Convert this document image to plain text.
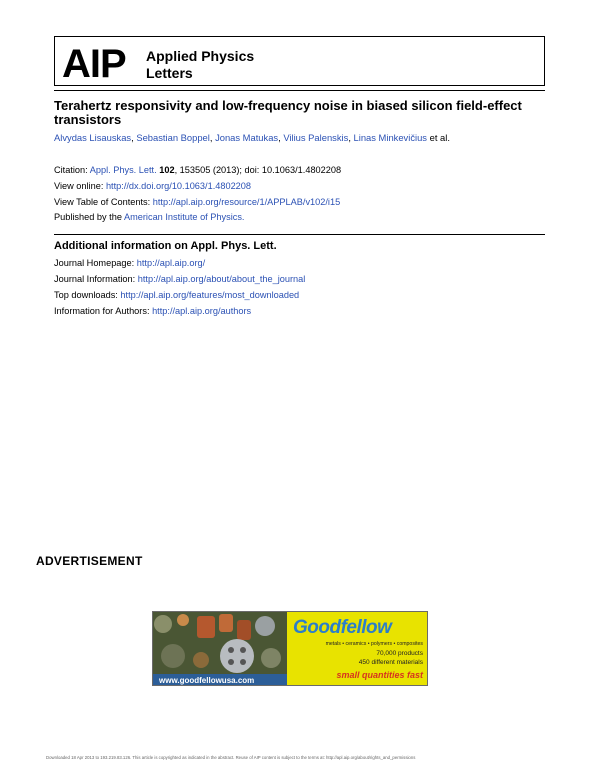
AIP Applied Physics
Letters
Terahertz responsivity and low-frequency noise in biased silicon field-effect transistors
Alvydas Lisauskas, Sebastian Boppel, Jonas Matukas, Vilius Palenskis, Linas Minkevičius et al.
Citation: Appl. Phys. Lett. 102, 153505 (2013); doi: 10.1063/1.4802208
View online: http://dx.doi.org/10.1063/1.4802208
View Table of Contents: http://apl.aip.org/resource/1/APPLAB/v102/i15
Published by the American Institute of Physics.
Additional information on Appl. Phys. Lett.
Journal Homepage: http://apl.aip.org/
Journal Information: http://apl.aip.org/about/about_the_journal
Top downloads: http://apl.aip.org/features/most_downloaded
Information for Authors: http://apl.aip.org/authors
ADVERTISEMENT
Goodfellow
metals • ceramics • polymers • composites
70,000 products
450 different materials
small quantities fast
www.goodfellowusa.com
Downloaded 18 Apr 2013 to 193.219.83.126. This article is copyrighted as indicated in the abstract. Reuse of AIP content is subject to the terms at: http://apl.aip.org/about/rights_and_permissions
